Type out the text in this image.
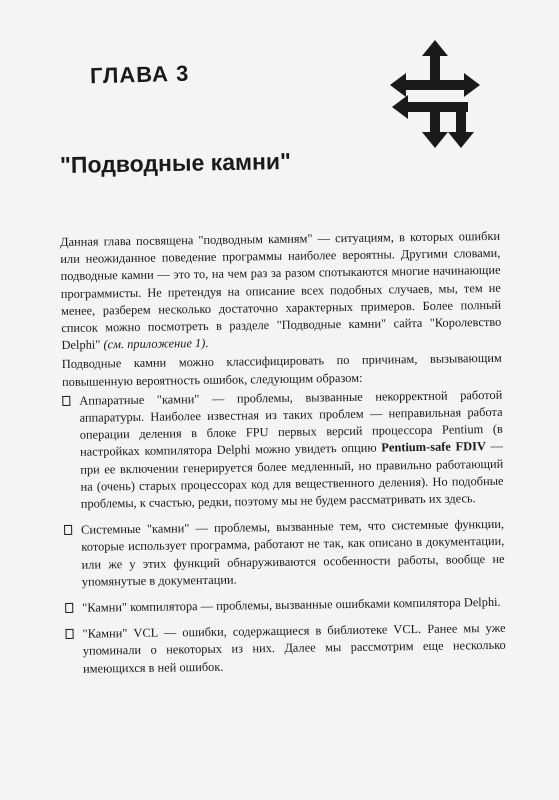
ГЛАВА 3
"Подводные камни"

Данная глава посвящена "подводным камням" — ситуациям, в которых ошибки или неожиданное поведение программы наиболее вероятны. Другими словами, подводные камни — это то, на чем раз за разом спотыкаются многие начинающие программисты. Не претендуя на описание всех подобных случаев, мы, тем не менее, разберем несколько достаточно характерных примеров. Более полный список можно посмотреть в разделе "Подводные камни" сайта "Королевство Delphi" (см. приложение 1).

Подводные камни можно классифицировать по причинам, вызывающим повышенную вероятность ошибок, следующим образом:

Аппаратные "камни" — проблемы, вызванные некорректной работой аппаратуры. Наиболее известная из таких проблем — неправильная работа операции деления в блоке FPU первых версий процессора Pentium (в настройках компилятора Delphi можно увидеть опцию Pentium-safe FDIV — при ее включении генерируется более медленный, но правильно работающий на (очень) старых процессорах код для вещественного деления). Но подобные проблемы, к счастью, редки, поэтому мы не будем рассматривать их здесь.
Системные "камни" — проблемы, вызванные тем, что системные функции, которые использует программа, работают не так, как описано в документации, или же у этих функций обнаруживаются особенности работы, вообще не упомянутые в документации.
"Камни" компилятора — проблемы, вызванные ошибками компилятора Delphi.
"Камни" VCL — ошибки, содержащиеся в библиотеке VCL. Ранее мы уже упоминали о некоторых из них. Далее мы рассмотрим еще несколько имеющихся в ней ошибок.
